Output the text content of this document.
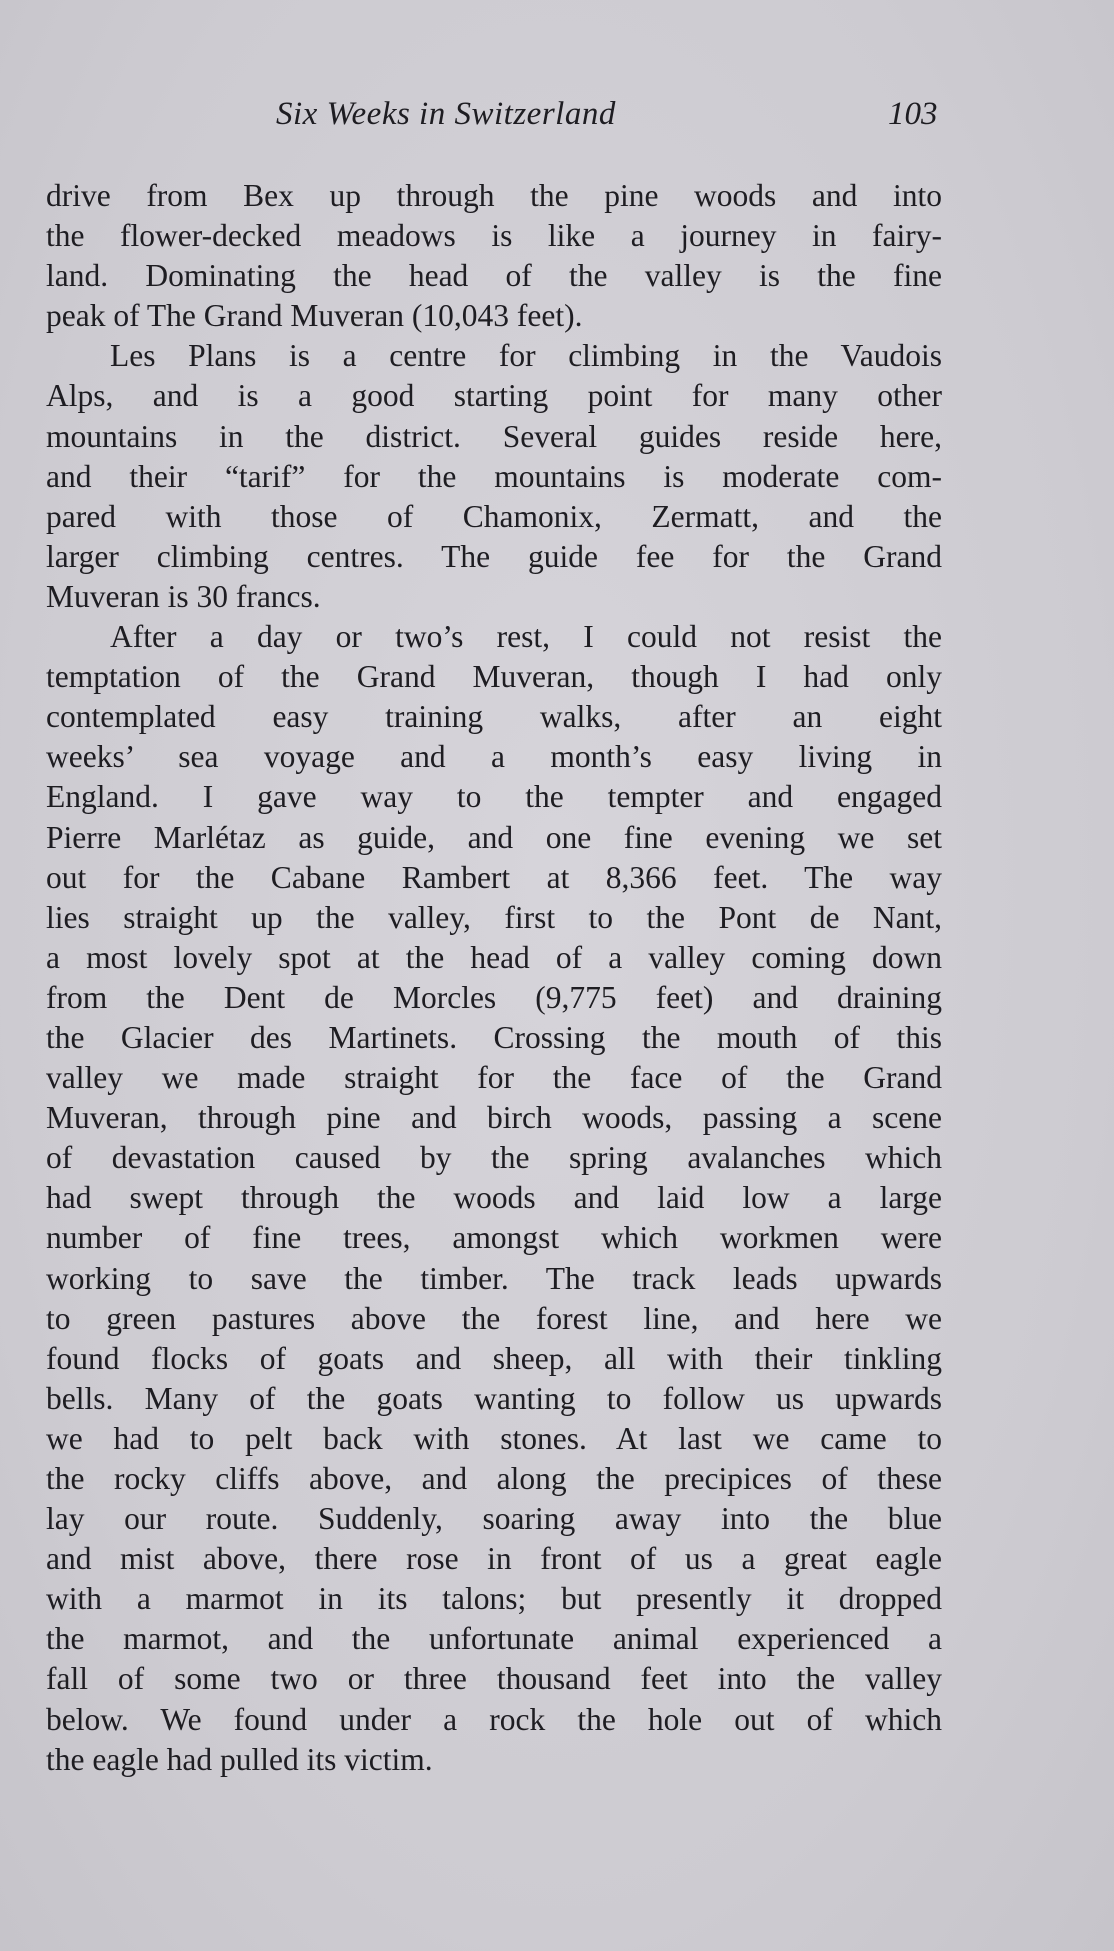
Six Weeks in Switzerland	103
drive from Bex up through the pine woods and into
the flower-decked meadows is like a journey in fairy-
land. Dominating the head of the valley is the fine
peak of The Grand Muveran (10,043 feet).
Les Plans is a centre for climbing in the Vaudois
Alps, and is a good starting point for many other
mountains in the district. Several guides reside here,
and their “tarif” for the mountains is moderate com-
pared with those of Chamonix, Zermatt, and the
larger climbing centres. The guide fee for the Grand
Muveran is 30 francs.
After a day or two’s rest, I could not resist the
temptation of the Grand Muveran, though I had only
contemplated easy training walks, after an eight
weeks’ sea voyage and a month’s easy living in
England. I gave way to the tempter and engaged
Pierre Marlétaz as guide, and one fine evening we set
out for the Cabane Rambert at 8,366 feet. The way
lies straight up the valley, first to the Pont de Nant,
a most lovely spot at the head of a valley coming down
from the Dent de Morcles (9,775 feet) and draining
the Glacier des Martinets. Crossing the mouth of this
valley we made straight for the face of the Grand
Muveran, through pine and birch woods, passing a scene
of devastation caused by the spring avalanches which
had swept through the woods and laid low a large
number of fine trees, amongst which workmen were
working to save the timber. The track leads upwards
to green pastures above the forest line, and here we
found flocks of goats and sheep, all with their tinkling
bells. Many of the goats wanting to follow us upwards
we had to pelt back with stones. At last we came to
the rocky cliffs above, and along the precipices of these
lay our route. Suddenly, soaring away into the blue
and mist above, there rose in front of us a great eagle
with a marmot in its talons; but presently it dropped
the marmot, and the unfortunate animal experienced a
fall of some two or three thousand feet into the valley
below. We found under a rock the hole out of which
the eagle had pulled its victim.
